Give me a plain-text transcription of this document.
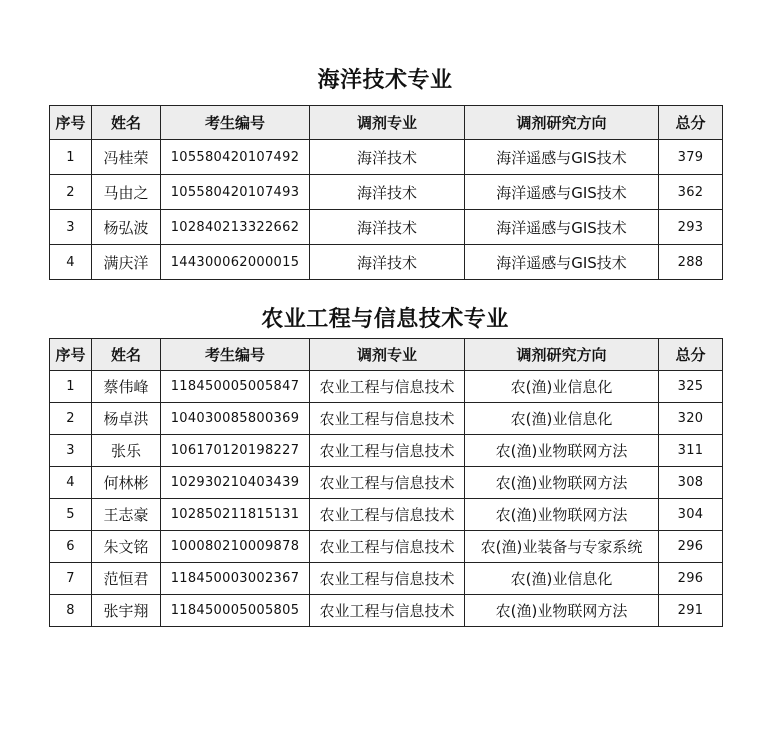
海洋技术专业
序号	姓名	考生编号	调剂专业	调剂研究方向	总分
1	冯桂荣	105580420107492	海洋技术	海洋遥感与GIS技术	379
2	马由之	105580420107493	海洋技术	海洋遥感与GIS技术	362
3	杨弘波	102840213322662	海洋技术	海洋遥感与GIS技术	293
4	满庆洋	144300062000015	海洋技术	海洋遥感与GIS技术	288
农业工程与信息技术专业
序号	姓名	考生编号	调剂专业	调剂研究方向	总分
1	蔡伟峰	118450005005847	农业工程与信息技术	农(渔)业信息化	325
2	杨卓洪	104030085800369	农业工程与信息技术	农(渔)业信息化	320
3	张乐	106170120198227	农业工程与信息技术	农(渔)业物联网方法	311
4	何林彬	102930210403439	农业工程与信息技术	农(渔)业物联网方法	308
5	王志豪	102850211815131	农业工程与信息技术	农(渔)业物联网方法	304
6	朱文铭	100080210009878	农业工程与信息技术	农(渔)业装备与专家系统	296
7	范恒君	118450003002367	农业工程与信息技术	农(渔)业信息化	296
8	张宇翔	118450005005805	农业工程与信息技术	农(渔)业物联网方法	291
